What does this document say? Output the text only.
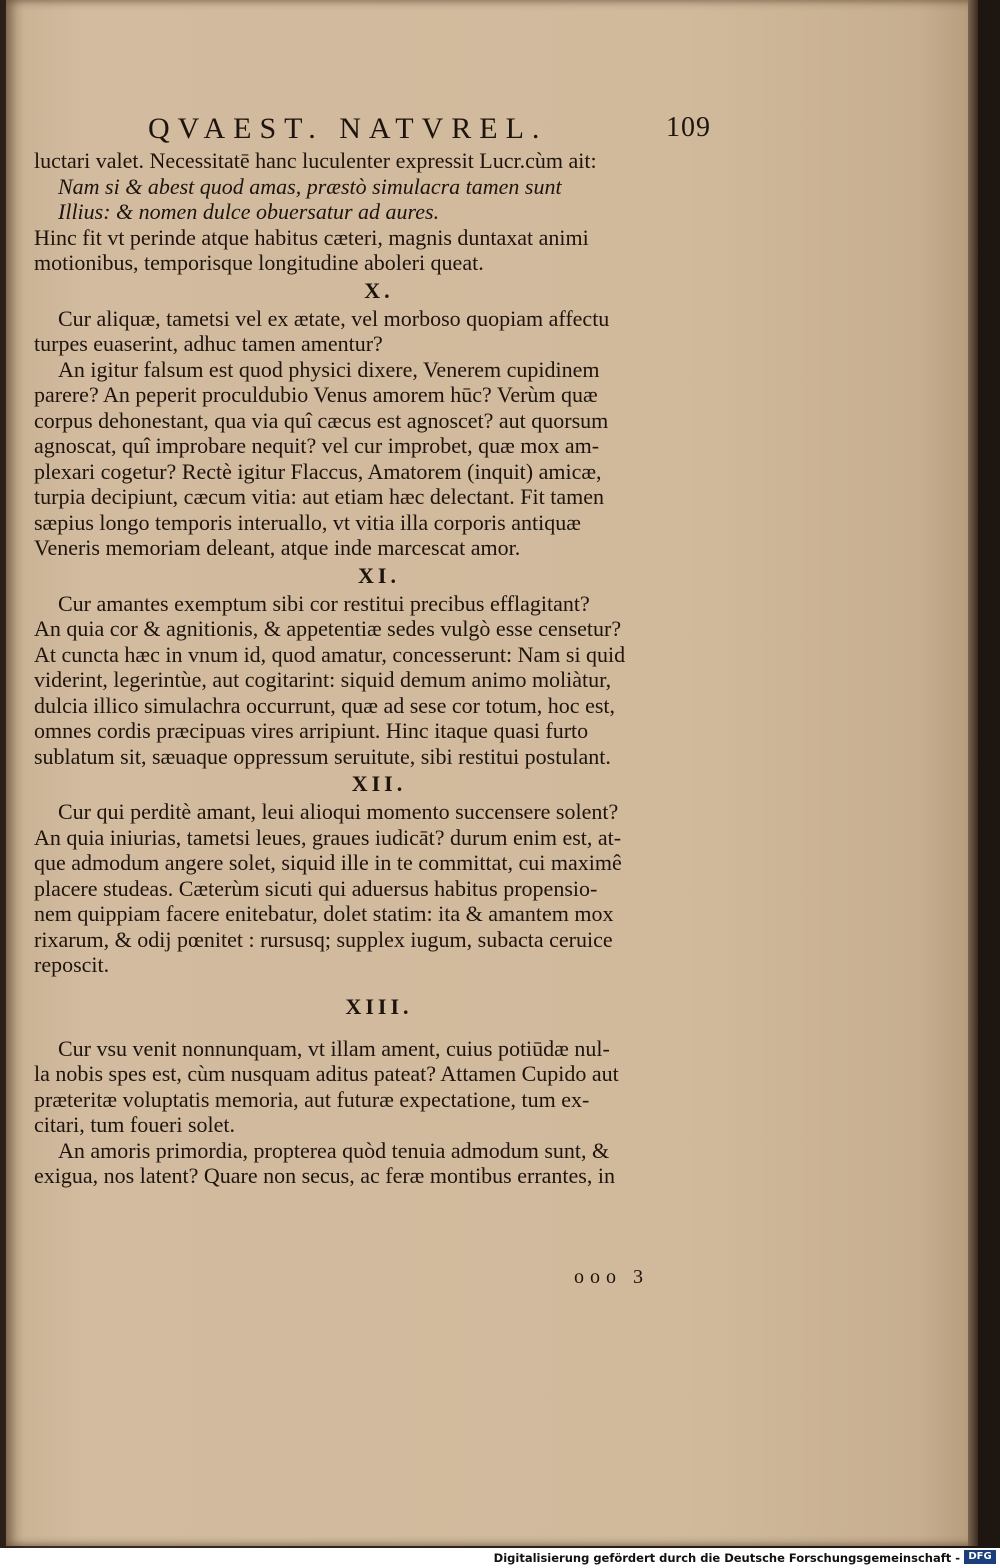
QVAEST. NATVREL.	109
luctari valet. Necessitatē hanc luculenter expressit Lucr.cùm ait:
Nam si & abest quod amas, præstò simulacra tamen sunt
Illius: & nomen dulce obuersatur ad aures.
Hinc fit vt perinde atque habitus cæteri, magnis duntaxat animi
motionibus, temporisque longitudine aboleri queat.
X.
Cur aliquæ, tametsi vel ex ætate, vel morboso quopiam affectu
turpes euaserint, adhuc tamen amentur?
An igitur falsum est quod physici dixere, Venerem cupidinem
parere? An peperit proculdubio Venus amorem hūc? Verùm quæ
corpus dehonestant, qua via quî cæcus est agnoscet? aut quorsum
agnoscat, quî improbare nequit? vel cur improbet, quæ mox am-
plexari cogetur? Rectè igitur Flaccus, Amatorem (inquit) amicæ,
turpia decipiunt, cæcum vitia: aut etiam hæc delectant. Fit tamen
sæpius longo temporis interuallo, vt vitia illa corporis antiquæ
Veneris memoriam deleant, atque inde marcescat amor.
XI.
Cur amantes exemptum sibi cor restitui precibus efflagitant?
An quia cor & agnitionis, & appetentiæ sedes vulgò esse censetur?
At cuncta hæc in vnum id, quod amatur, concesserunt: Nam si quid
viderint, legerintùe, aut cogitarint: siquid demum animo moliàtur,
dulcia illico simulachra occurrunt, quæ ad sese cor totum, hoc est,
omnes cordis præcipuas vires arripiunt. Hinc itaque quasi furto
sublatum sit, sæuaque oppressum seruitute, sibi restitui postulant.
XII.
Cur qui perditè amant, leui alioqui momento succensere solent?
An quia iniurias, tametsi leues, graues iudicāt? durum enim est, at-
que admodum angere solet, siquid ille in te committat, cui maximê
placere studeas. Cæterùm sicuti qui aduersus habitus propensio-
nem quippiam facere enitebatur, dolet statim: ita & amantem mox
rixarum, & odij pœnitet : rursusq; supplex iugum, subacta ceruice
reposcit.
XIII.
Cur vsu venit nonnunquam, vt illam ament, cuius potiūdæ nul-
la nobis spes est, cùm nusquam aditus pateat? Attamen Cupido aut
præteritæ voluptatis memoria, aut futuræ expectatione, tum ex-
citari, tum foueri solet.
An amoris primordia, propterea quòd tenuia admodum sunt, &
exigua, nos latent? Quare non secus, ac feræ montibus errantes, in
ooo 3
Digitalisierung gefördert durch die Deutsche Forschungsgemeinschaft - DFG
